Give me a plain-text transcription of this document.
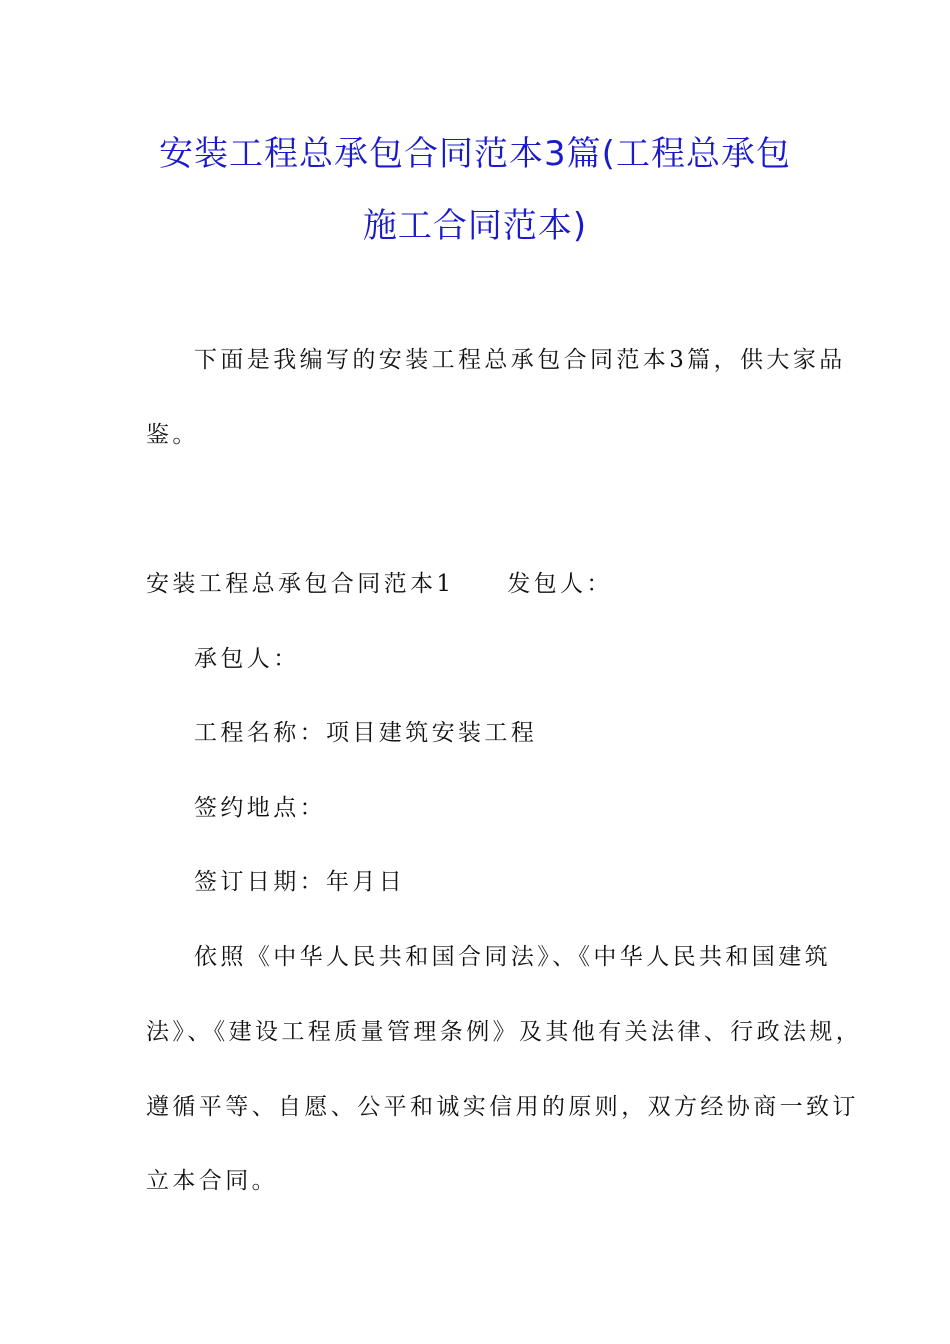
安装工程总承包合同范本3篇(工程总承包
施工合同范本)
下面是我编写的安装工程总承包合同范本3篇，供大家品
鉴。
安装工程总承包合同范本1　　发包人：
承包人：
工程名称：项目建筑安装工程
签约地点：
签订日期：年月日
依照《中华人民共和国合同法》、《中华人民共和国建筑
法》、《建设工程质量管理条例》及其他有关法律、行政法规，
遵循平等、自愿、公平和诚实信用的原则，双方经协商一致订
立本合同。
